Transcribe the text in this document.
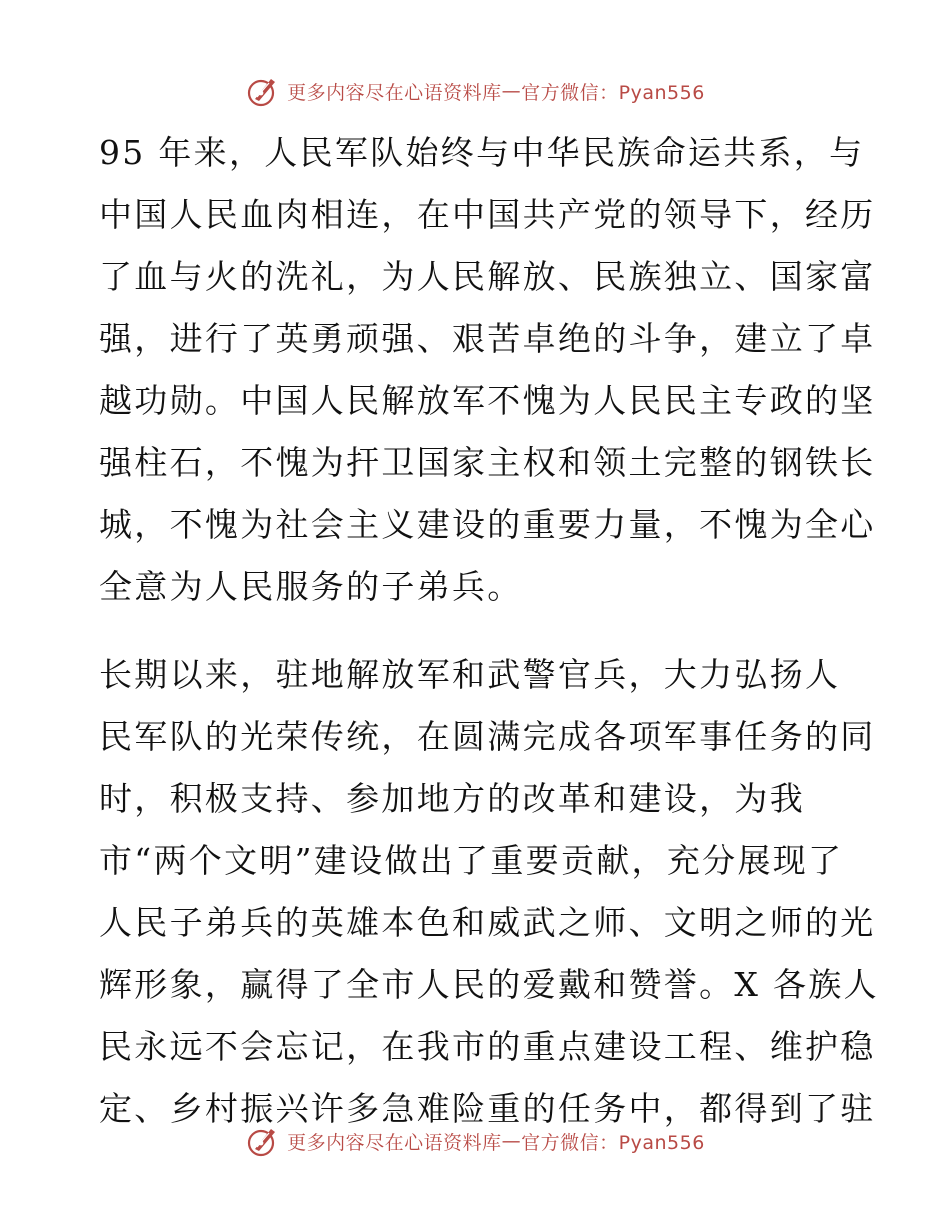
更多内容尽在心语资料库 — 官方微信：Pyan556
95 年来，人民军队始终与中华民族命运共系，与
中国人民血肉相连，在中国共产党的领导下，经历
了血与火的洗礼，为人民解放、民族独立、国家富
强，进行了英勇顽强、艰苦卓绝的斗争，建立了卓
越功勋。中国人民解放军不愧为人民民主专政的坚
强柱石，不愧为扞卫国家主权和领土完整的钢铁长
城，不愧为社会主义建设的重要力量，不愧为全心
全意为人民服务的子弟兵。
长期以来，驻地解放军和武警官兵，大力弘扬人
民军队的光荣传统，在圆满完成各项军事任务的同
时，积极支持、参加地方的改革和建设，为我
市“两个文明”建设做出了重要贡献，充分展现了
人民子弟兵的英雄本色和威武之师、文明之师的光
辉形象，赢得了全市人民的爱戴和赞誉。X 各族人
民永远不会忘记，在我市的重点建设工程、维护稳
定、乡村振兴许多急难险重的任务中，都得到了驻
更多内容尽在心语资料库 — 官方微信：Pyan556
